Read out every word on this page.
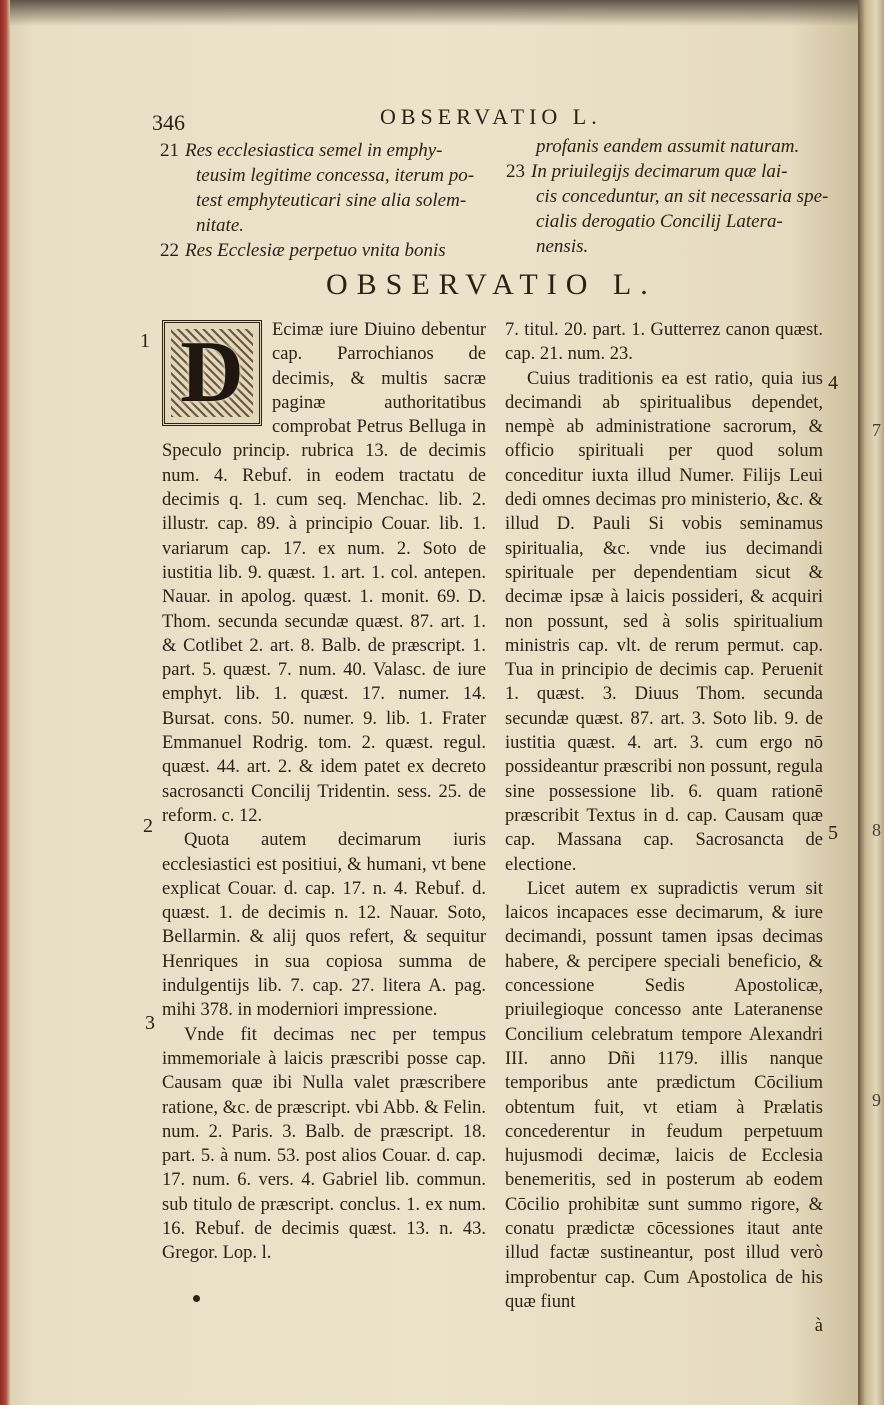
346	OBSERVATIO L.
21 Res ecclesiastica semel in emphy-
teusim legitime concessa, iterum po-
test emphyteuticari sine alia solem-
nitate.
22 Res Ecclesiæ perpetuo vnita bonis
profanis eandem assumit naturam.
23 In priuilegijs decimarum quæ lai-
cis conceduntur, an sit necessaria spe-
cialis derogatio Concilij Latera-
nensis.
OBSERVATIO L.
1
2
3
4
5
D	Ecimæ iure Diuino debentur cap. Parrochianos de decimis, & multis sacræ paginæ authoritatibus comprobat Petrus Belluga in Speculo princip. rubrica 13. de decimis num. 4. Rebuf. in eodem tractatu de decimis q. 1. cum seq. Menchac. lib. 2. illustr. cap. 89. à principio Couar. lib. 1. variarum cap. 17. ex num. 2. Soto de iustitia lib. 9. quæst. 1. art. 1. col. antepen. Nauar. in apolog. quæst. 1. monit. 69. D. Thom. secunda secundæ quæst. 87. art. 1. & Cotlibet 2. art. 8. Balb. de præscript. 1. part. 5. quæst. 7. num. 40. Valasc. de iure emphyt. lib. 1. quæst. 17. numer. 14. Bursat. cons. 50. numer. 9. lib. 1. Frater Emmanuel Rodrig. tom. 2. quæst. regul. quæst. 44. art. 2. & idem patet ex decreto sacrosancti Concilij Tridentin. sess. 25. de reform. c. 12.

Quota autem decimarum iuris ecclesiastici est positiui, & humani, vt bene explicat Couar. d. cap. 17. n. 4. Rebuf. d. quæst. 1. de decimis n. 12. Nauar. Soto, Bellarmin. & alij quos refert, & sequitur Henriques in sua copiosa summa de indulgentijs lib. 7. cap. 27. litera A. pag. mihi 378. in moderniori impressione.

Vnde fit decimas nec per tempus immemoriale à laicis præscribi posse cap. Causam quæ ibi Nulla valet præscribere ratione, &c. de præscript. vbi Abb. & Felin. num. 2. Paris. 3. Balb. de præscript. 18. part. 5. à num. 53. post alios Couar. d. cap. 17. num. 6. vers. 4. Gabriel lib. commun. sub titulo de præscript. conclus. 1. ex num. 16. Rebuf. de decimis quæst. 13. n. 43. Gregor. Lop. l.

7. titul. 20. part. 1. Gutterrez canon quæst. cap. 21. num. 23.

Cuius traditionis ea est ratio, quia ius decimandi ab spiritualibus dependet, nempè ab administratione sacrorum, & officio spirituali per quod solum conceditur iuxta illud Numer. Filijs Leui dedi omnes decimas pro ministerio, &c. & illud D. Pauli Si vobis seminamus spiritualia, &c. vnde ius decimandi spirituale per dependentiam sicut & decimæ ipsæ à laicis possideri, & acquiri non possunt, sed à solis spiritualium ministris cap. vlt. de rerum permut. cap. Tua in principio de decimis cap. Peruenit 1. quæst. 3. Diuus Thom. secunda secundæ quæst. 87. art. 3. Soto lib. 9. de iustitia quæst. 4. art. 3. cum ergo nō possideantur præscribi non possunt, regula sine possessione lib. 6. quam rationē præscribit Textus in d. cap. Causam quæ cap. Massana cap. Sacrosancta de electione.

Licet autem ex supradictis verum sit laicos incapaces esse decimarum, & iure decimandi, possunt tamen ipsas decimas habere, & percipere speciali beneficio, & concessione Sedis Apostolicæ, priuilegioque concesso ante Lateranense Concilium celebratum tempore Alexandri III. anno Dñi 1179. illis nanque temporibus ante prædictum Cōcilium obtentum fuit, vt etiam à Prælatis concederentur in feudum perpetuum hujusmodi decimæ, laicis de Ecclesia benemeritis, sed in posterum ab eodem Cōcilio prohibitæ sunt summo rigore, & conatu prædictæ cōcessiones itaut ante illud factæ sustineantur, post illud verò improbentur cap. Cum Apostolica de his quæ fiunt

à
7
8
9
